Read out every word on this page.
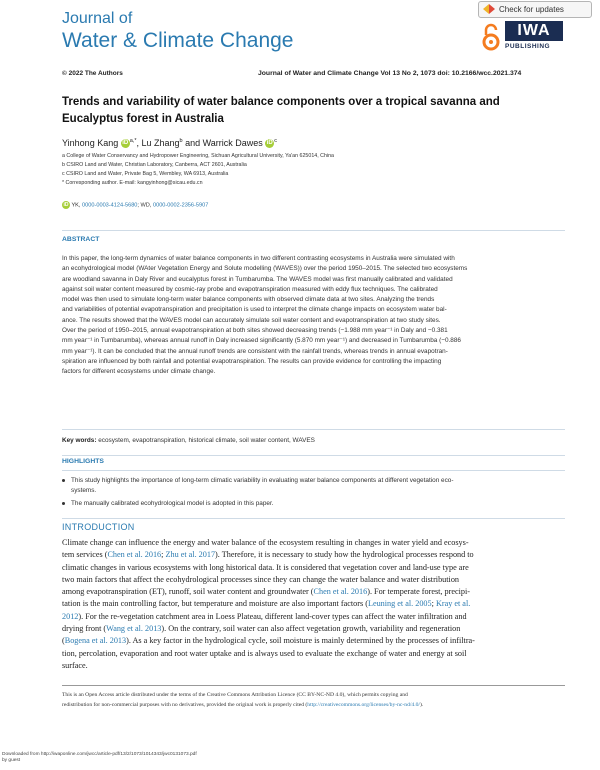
Journal of
Water & Climate Change
Check for updates
IWA
PUBLISHING
© 2022 The Authors	Journal of Water and Climate Change Vol 13 No 2, 1073 doi: 10.2166/wcc.2021.374
Trends and variability of water balance components over a tropical savanna and
Eucalyptus forest in Australia
Yinhong Kang iD $^{a,*}$, Lu Zhang$^b$ and Warrick Dawes iD $^c$
a College of Water Conservancy and Hydropower Engineering, Sichuan Agricultural University, Ya'an 625014, China
b CSIRO Land and Water, Christian Laboratory, Canberra, ACT 2601, Australia
c CSIRO Land and Water, Private Bag 5, Wembley, WA 6913, Australia
* Corresponding author. E-mail: kangyinhong@sicau.edu.cn
iD YK, 0000-0003-4124-5680; WD, 0000-0002-2356-5907
ABSTRACT
In this paper, the long-term dynamics of water balance components in two different contrasting ecosystems in Australia were simulated with
an ecohydrological model (WAter Vegetation Energy and Solute modelling (WAVES)) over the period 1950–2015. The selected two ecosystems
are woodland savanna in Daly River and eucalyptus forest in Tumbarumba. The WAVES model was first manually calibrated and validated
against soil water content measured by cosmic-ray probe and evapotranspiration measured with eddy flux techniques. The calibrated
model was then used to simulate long-term water balance components with observed climate data at two sites. Analyzing the trends
and variabilities of potential evapotranspiration and precipitation is used to interpret the climate change impacts on ecosystem water bal-
ance. The results showed that the WAVES model can accurately simulate soil water content and evapotranspiration at two study sites.
Over the period of 1950–2015, annual evapotranspiration at both sites showed decreasing trends (−1.988 mm year⁻¹ in Daly and −0.381
mm year⁻¹ in Tumbarumba), whereas annual runoff in Daly increased significantly (5.870 mm year⁻¹) and decreased in Tumbarumba (−0.886
mm year⁻¹). It can be concluded that the annual runoff trends are consistent with the rainfall trends, whereas trends in annual evapotran-
spiration are influenced by both rainfall and potential evapotranspiration. The results can provide evidence for controlling the impacting
factors for different ecosystems under climate change.
Key words: ecosystem, evapotranspiration, historical climate, soil water content, WAVES
HIGHLIGHTS
This study highlights the importance of long-term climatic variability in evaluating water balance components at different vegetation eco-
systems.
The manually calibrated ecohydrological model is adopted in this paper.
INTRODUCTION
Climate change can influence the energy and water balance of the ecosystem resulting in changes in water yield and ecosys-
tem services (Chen et al. 2016; Zhu et al. 2017). Therefore, it is necessary to study how the hydrological processes respond to
climatic changes in various ecosystems with long historical data. It is considered that vegetation cover and land-use type are
two main factors that affect the ecohydrological processes since they can change the water balance and water distribution
among evapotranspiration (ET), runoff, soil water content and groundwater (Chen et al. 2016). For temperate forest, precipi-
tation is the main controlling factor, but temperature and moisture are also important factors (Leuning et al. 2005; Kray et al.
2012). For the re-vegetation catchment area in Loess Plateau, different land-cover types can affect the water infiltration and
drying front (Wang et al. 2013). On the contrary, soil water can also affect vegetation growth, variability and regeneration
(Bogena et al. 2013). As a key factor in the hydrological cycle, soil moisture is mainly determined by the processes of infiltra-
tion, percolation, evaporation and root water uptake and is always used to evaluate the exchange of water and energy at soil
surface.
This is an Open Access article distributed under the terms of the Creative Commons Attribution Licence (CC BY-NC-ND 4.0), which permits copying and
redistribution for non-commercial purposes with no derivatives, provided the original work is properly cited (http://creativecommons.org/licenses/by-nc-nd/4.0/).
Downloaded from http://iwaponline.com/jwcc/article-pdf/13/2/1073/1014343/jwc0131073.pdf
by guest
